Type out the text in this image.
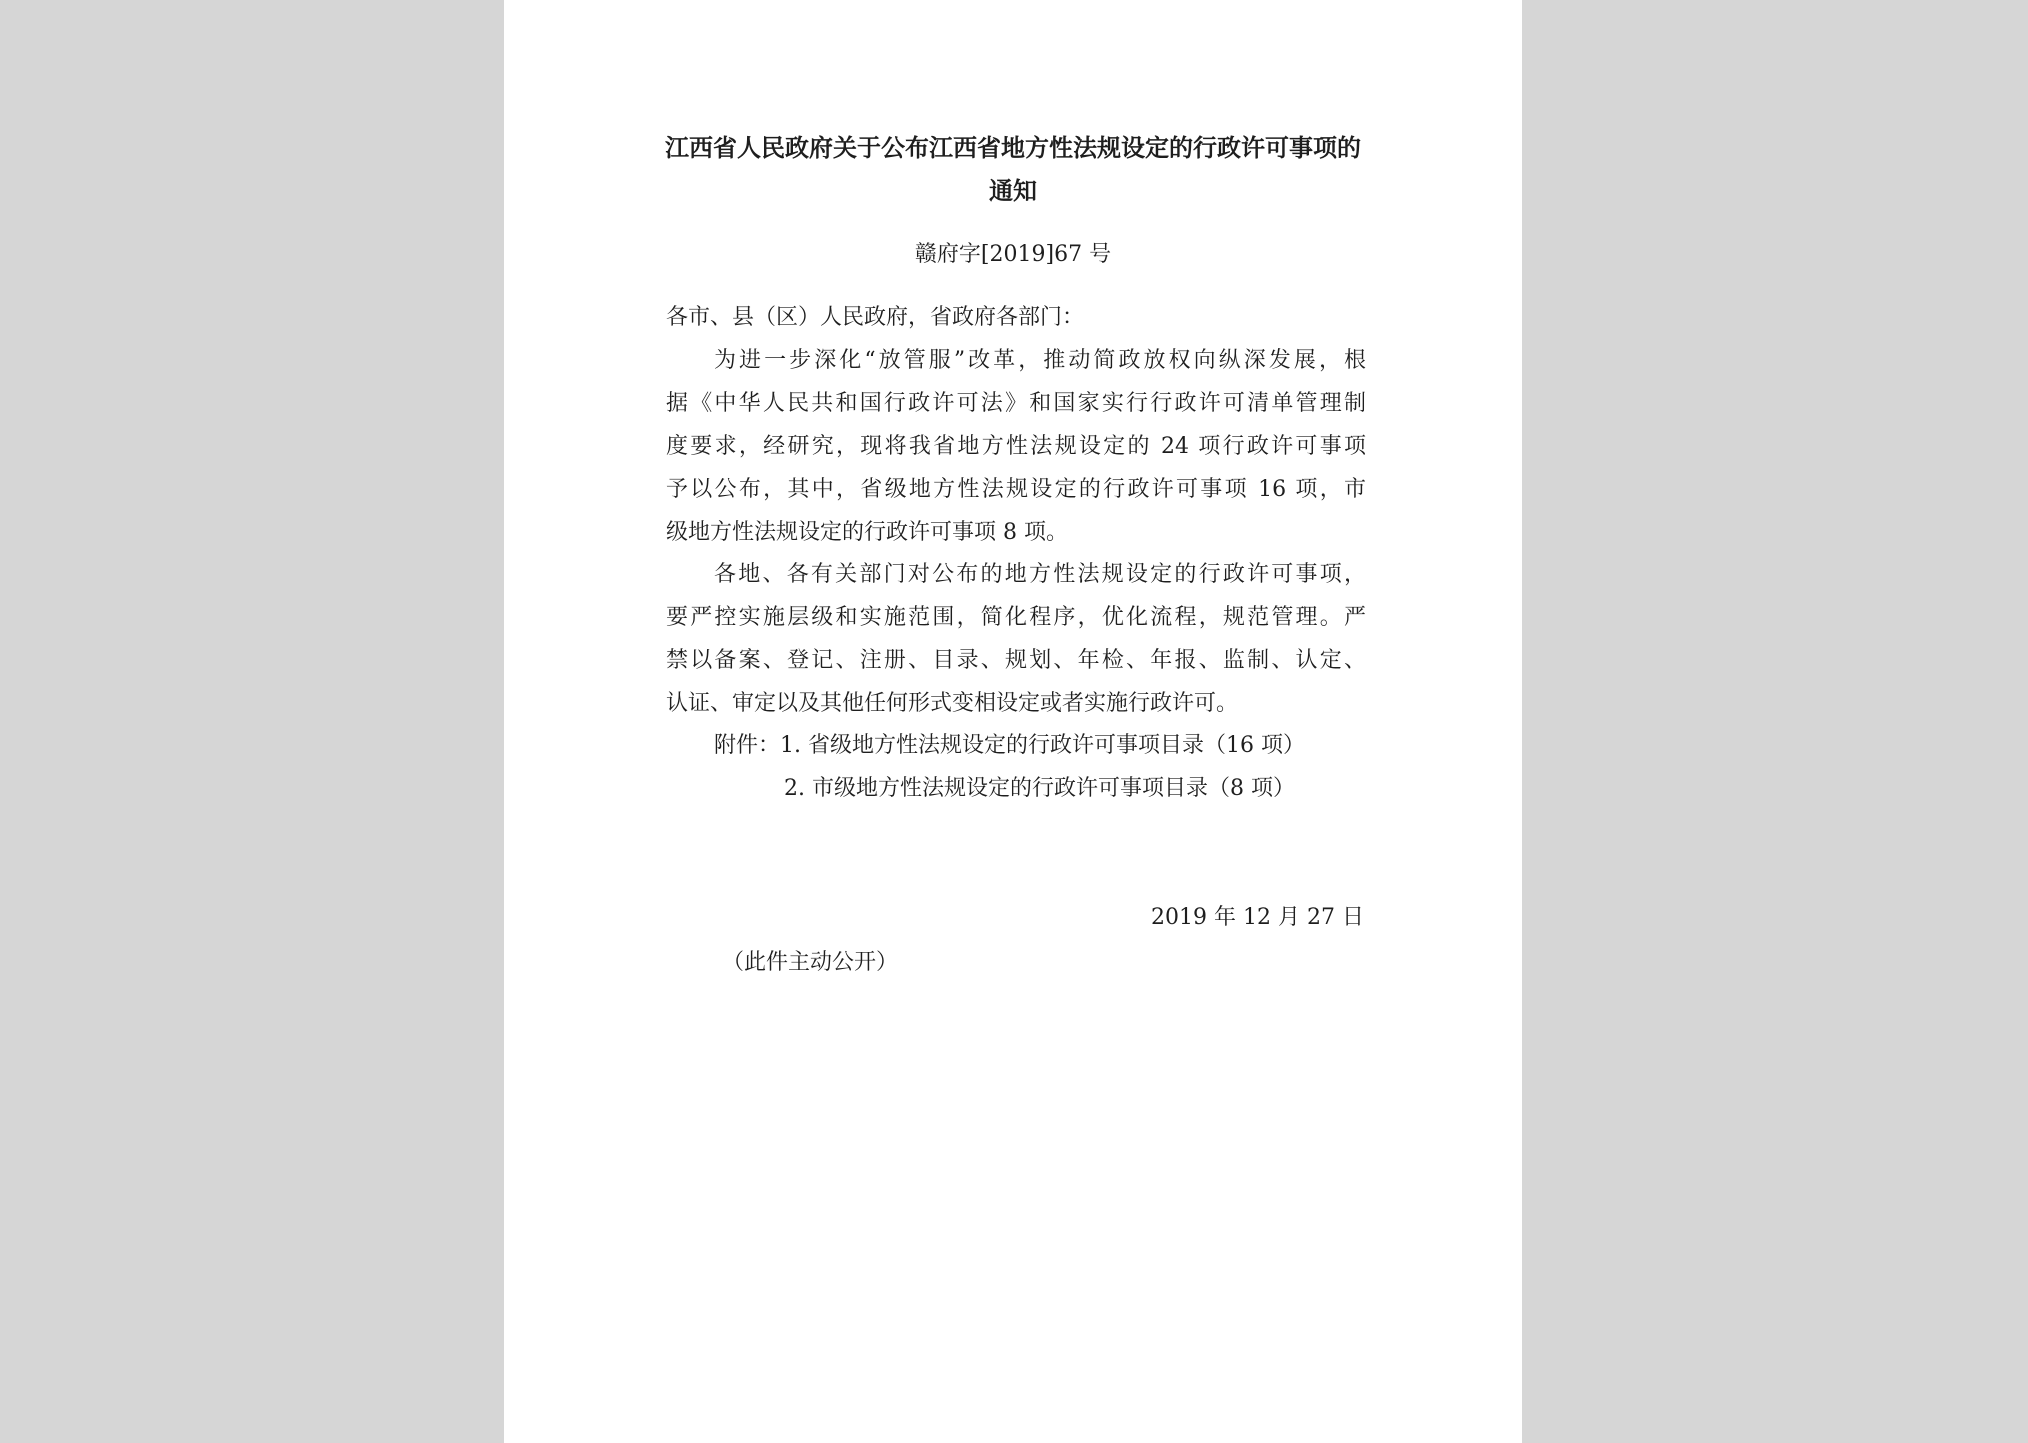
江西省人民政府关于公布江西省地方性法规设定的行政许可事项的
通知
赣府字[2019]67 号
各市、县（区）人民政府，省政府各部门：
为进一步深化“放管服”改革，推动简政放权向纵深发展，根
据《中华人民共和国行政许可法》和国家实行行政许可清单管理制
度要求，经研究，现将我省地方性法规设定的 24 项行政许可事项
予以公布，其中，省级地方性法规设定的行政许可事项 16 项，市
级地方性法规设定的行政许可事项 8 项。
各地、各有关部门对公布的地方性法规设定的行政许可事项，
要严控实施层级和实施范围，简化程序，优化流程，规范管理。严
禁以备案、登记、注册、目录、规划、年检、年报、监制、认定、
认证、审定以及其他任何形式变相设定或者实施行政许可。
附件：1. 省级地方性法规设定的行政许可事项目录（16 项）
2. 市级地方性法规设定的行政许可事项目录（8 项）
2019 年 12 月 27 日
（此件主动公开）
